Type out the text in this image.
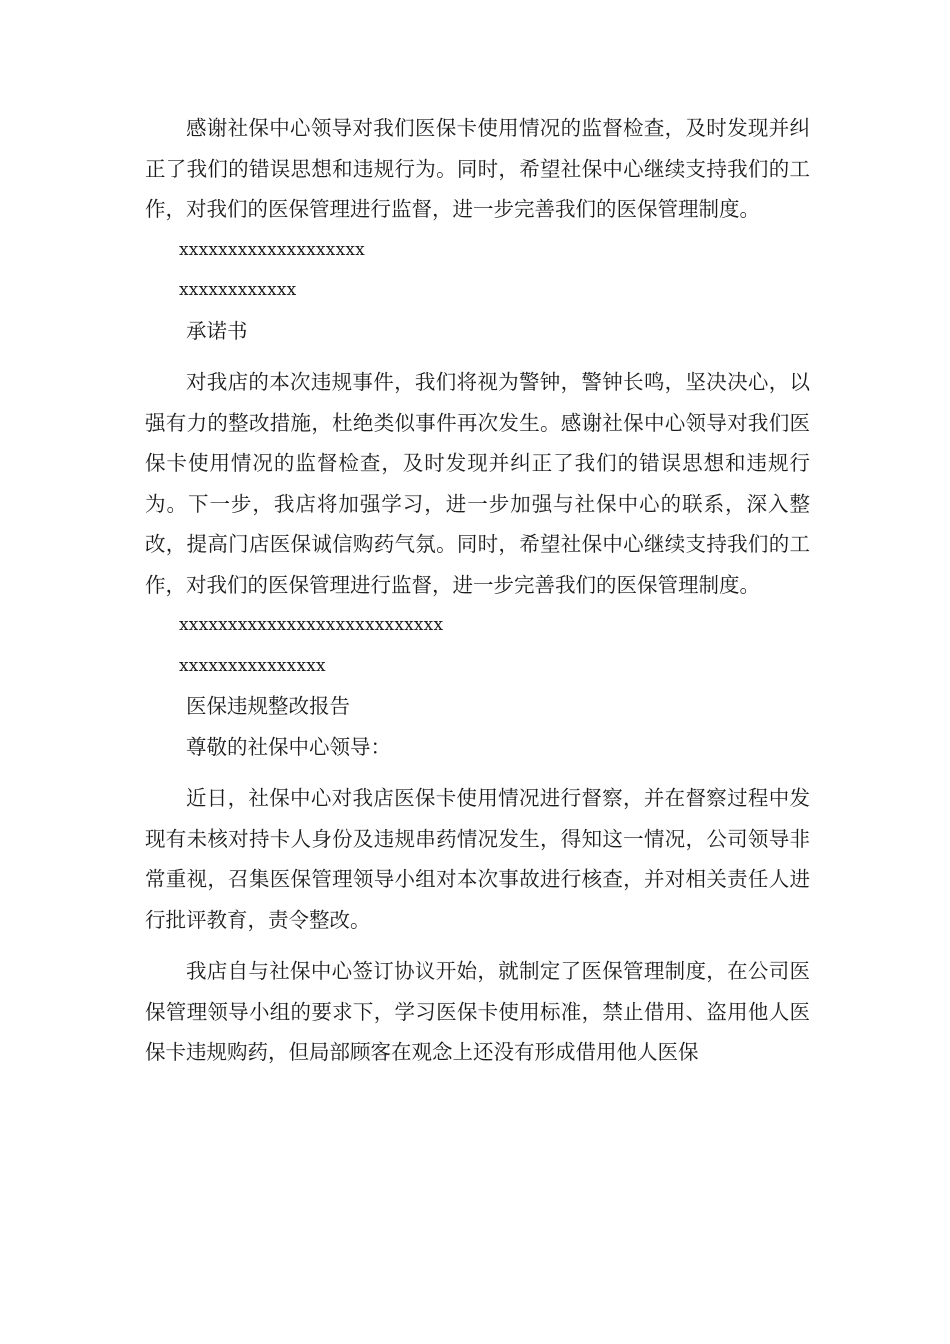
感谢社保中心领导对我们医保卡使用情况的监督检查，及时发现并纠正了我们的错误思想和违规行为。同时，希望社保中心继续支持我们的工作，对我们的医保管理进行监督，进一步完善我们的医保管理制度。

xxxxxxxxxxxxxxxxxxx

xxxxxxxxxxxx

承诺书

对我店的本次违规事件，我们将视为警钟，警钟长鸣，坚决决心，以强有力的整改措施，杜绝类似事件再次发生。感谢社保中心领导对我们医保卡使用情况的监督检查，及时发现并纠正了我们的错误思想和违规行为。下一步，我店将加强学习，进一步加强与社保中心的联系，深入整改，提高门店医保诚信购药气氛。同时，希望社保中心继续支持我们的工作，对我们的医保管理进行监督，进一步完善我们的医保管理制度。

xxxxxxxxxxxxxxxxxxxxxxxxxxx

xxxxxxxxxxxxxxx

医保违规整改报告

尊敬的社保中心领导：

近日，社保中心对我店医保卡使用情况进行督察，并在督察过程中发现有未核对持卡人身份及违规串药情况发生，得知这一情况，公司领导非常重视，召集医保管理领导小组对本次事故进行核查，并对相关责任人进行批评教育，责令整改。

我店自与社保中心签订协议开始，就制定了医保管理制度，在公司医保管理领导小组的要求下，学习医保卡使用标准，禁止借用、盗用他人医保卡违规购药，但局部顾客在观念上还没有形成借用他人医保
